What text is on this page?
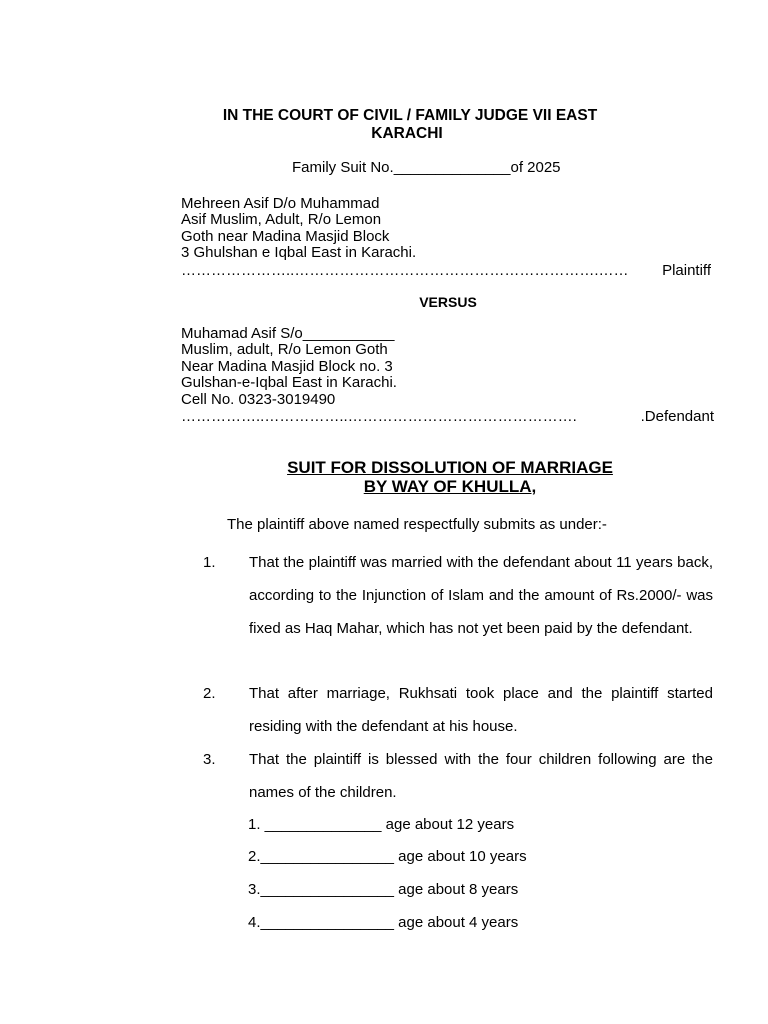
IN THE COURT OF CIVIL / FAMILY JUDGE VII EAST
KARACHI
Family Suit No.______________of 2025
Mehreen Asif D/o Muhammad
Asif Muslim, Adult, R/o Lemon
Goth near Madina Masjid Block
3 Ghulshan e Iqbal East in Karachi.
…………………..…………………………………………………….……	Plaintiff
VERSUS
Muhamad Asif S/o___________
Muslim, adult, R/o Lemon Goth
Near Madina Masjid Block no. 3
Gulshan-e-Iqbal East in Karachi.
Cell No. 0323-3019490
……………..……………..……………………………………….	.Defendant
SUIT FOR DISSOLUTION OF MARRIAGE
BY WAY OF KHULLA,
The plaintiff above named respectfully submits as under:-
1. That the plaintiff was married with the defendant about 11 years back, according to the Injunction of Islam and the amount of Rs.2000/- was fixed as Haq Mahar, which has not yet been paid by the defendant.
2. That after marriage, Rukhsati took place and the plaintiff started residing with the defendant at his house.
3. That the plaintiff is blessed with the four children following are the names of the children.
1. ______________ age about 12 years
2.________________ age about 10 years
3.________________ age about 8 years
4.________________ age about 4 years
